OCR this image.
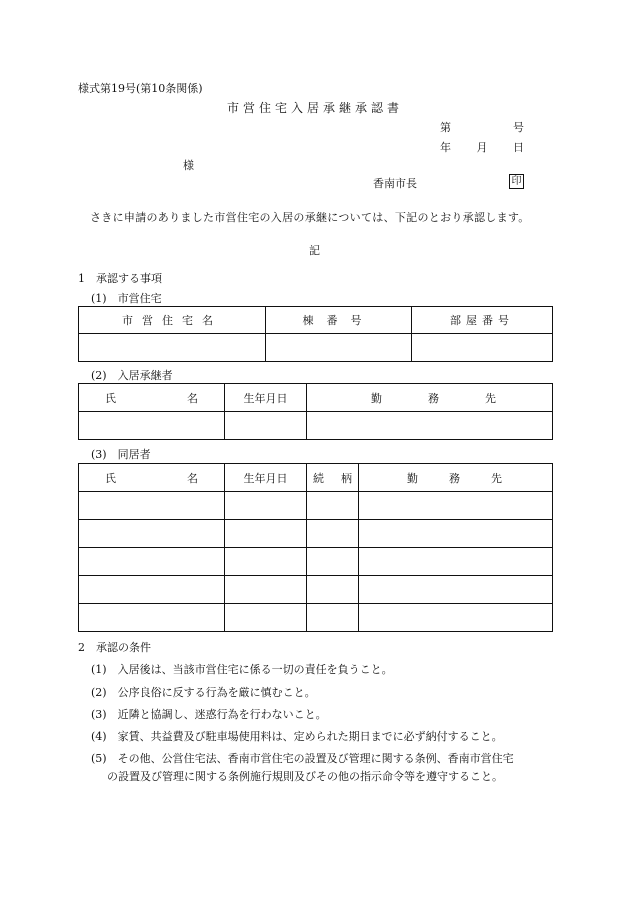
様式第19号(第10条関係)
市営住宅入居承継承認書
第	号
年 月 日
様
香南市長	印
さきに申請のありました市営住宅の入居の承継については、下記のとおり承認します。
記
1　承認する事項
(1)　市営住宅
市営住宅名	棟番号	部屋番号

(2)　入居承継者
氏 名	生年月日	勤 務 先

(3)　同居者
氏 名	生年月日	続 柄	勤 務 先

2　承認の条件
(1)　入居後は、当該市営住宅に係る一切の責任を負うこと。
(2)　公序良俗に反する行為を厳に慎むこと。
(3)　近隣と協調し、迷惑行為を行わないこと。
(4)　家賃、共益費及び駐車場使用料は、定められた期日までに必ず納付すること。
(5)　その他、公営住宅法、香南市営住宅の設置及び管理に関する条例、香南市営住宅
の設置及び管理に関する条例施行規則及びその他の指示命令等を遵守すること。
